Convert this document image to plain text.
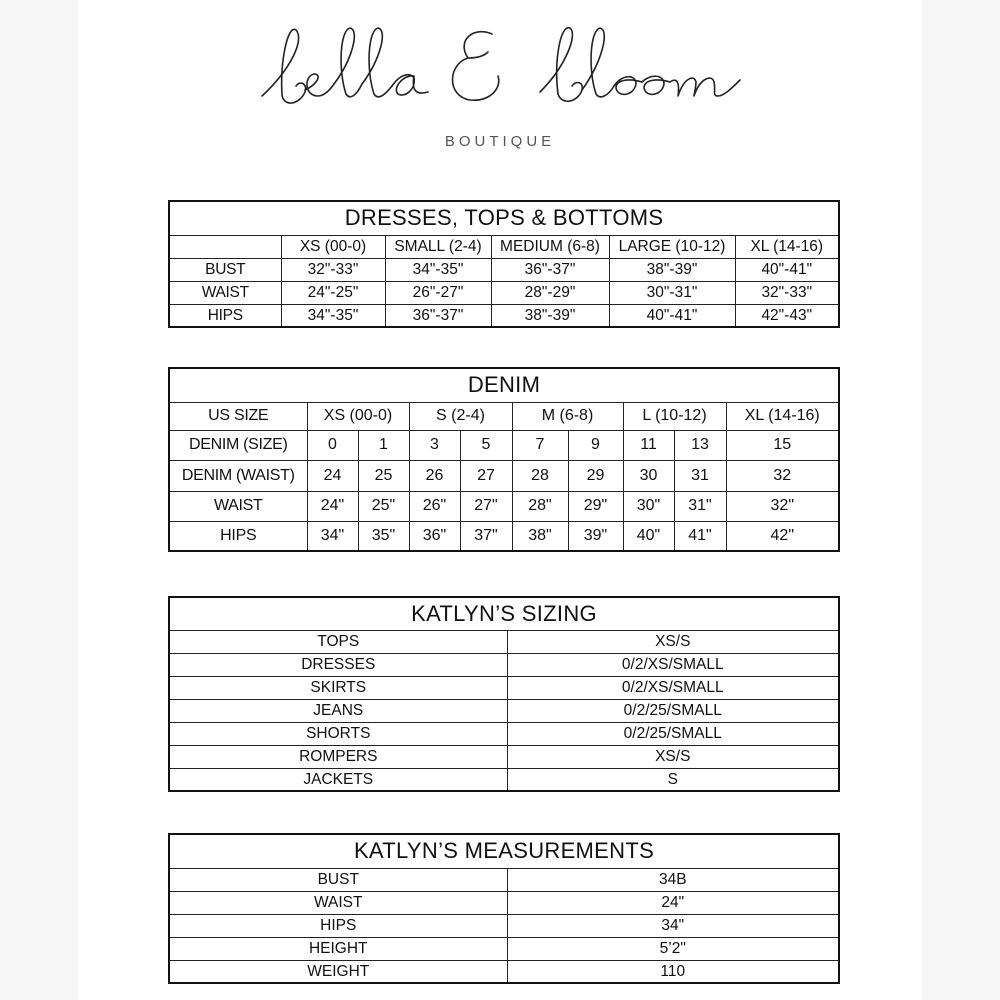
BOUTIQUE
DRESSES, TOPS & BOTTOMS					
	XS (00-0)	SMALL (2-4)	MEDIUM (6-8)	LARGE (10-12)	XL (14-16)
BUST	32"-33"	34"-35"	36"-37"	38"-39"	40"-41"
WAIST	24"-25"	26"-27"	28"-29"	30"-31"	32"-33"
HIPS	34"-35"	36"-37"	38"-39"	40"-41"	42"-43"
DENIM									
US SIZE	XS (00-0)		S (2-4)		M (6-8)		L (10-12)		XL (14-16)
DENIM (SIZE)	0	1	3	5	7	9	11	13	15
DENIM (WAIST)	24	25	26	27	28	29	30	31	32
WAIST	24"	25"	26"	27"	28"	29"	30"	31"	32"
HIPS	34"	35"	36"	37"	38"	39"	40"	41"	42"
KATLYN’S SIZING	
TOPS	XS/S
DRESSES	0/2/XS/SMALL
SKIRTS	0/2/XS/SMALL
JEANS	0/2/25/SMALL
SHORTS	0/2/25/SMALL
ROMPERS	XS/S
JACKETS	S
KATLYN’S MEASUREMENTS	
BUST	34B
WAIST	24"
HIPS	34"
HEIGHT	5’2"
WEIGHT	110
